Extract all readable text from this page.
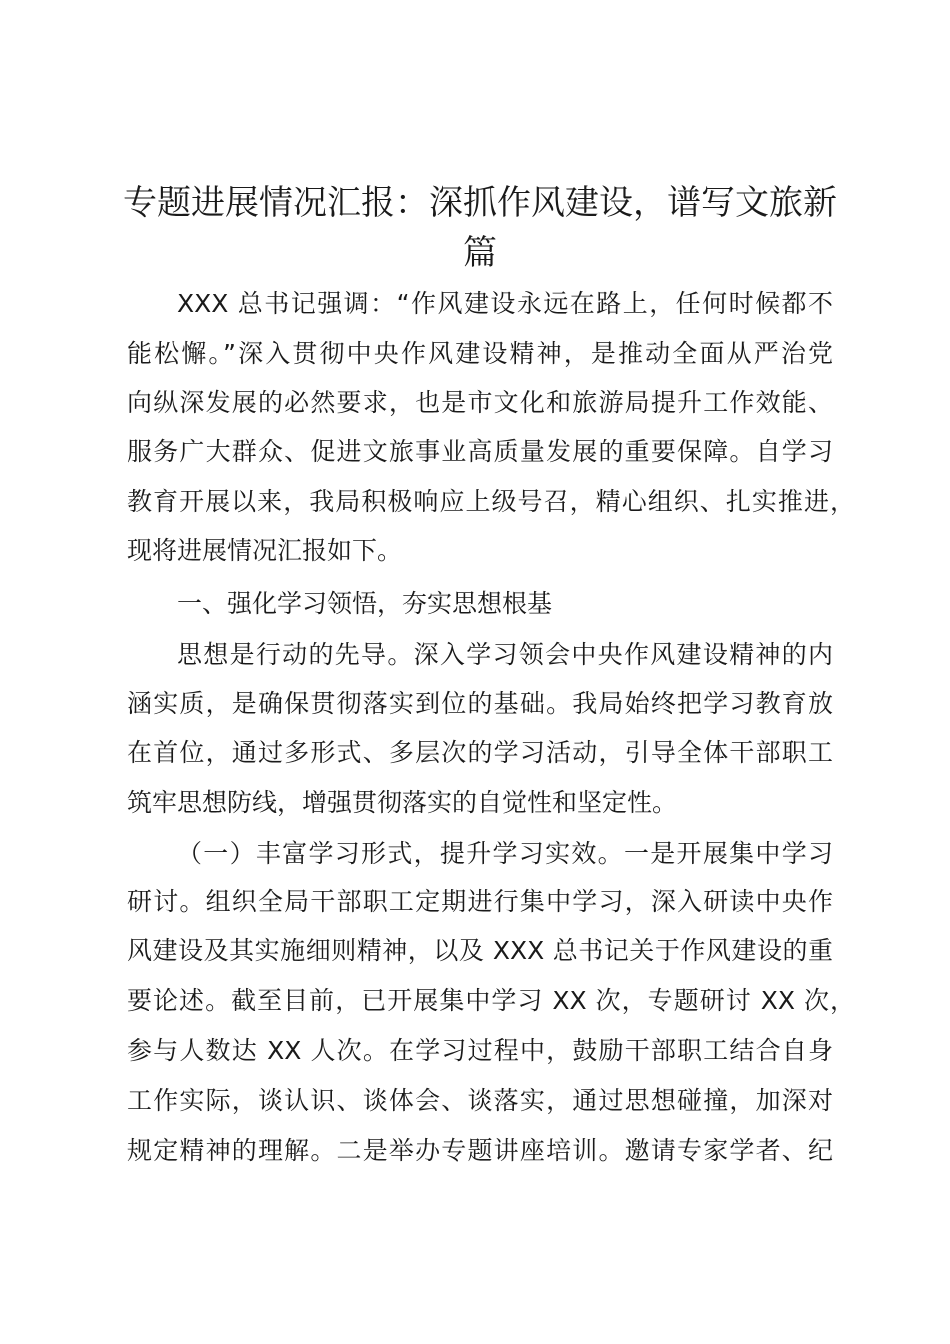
专题进展情况汇报：深抓作风建设，谱写文旅新篇
XXX 总书记强调：“作风建设永远在路上，任何时候都不
能松懈。”深入贯彻中央作风建设精神，是推动全面从严治党
向纵深发展的必然要求，也是市文化和旅游局提升工作效能、
服务广大群众、促进文旅事业高质量发展的重要保障。自学习
教育开展以来，我局积极响应上级号召，精心组织、扎实推进，
现将进展情况汇报如下。
一、强化学习领悟，夯实思想根基
思想是行动的先导。深入学习领会中央作风建设精神的内
涵实质，是确保贯彻落实到位的基础。我局始终把学习教育放
在首位，通过多形式、多层次的学习活动，引导全体干部职工
筑牢思想防线，增强贯彻落实的自觉性和坚定性。
（一）丰富学习形式，提升学习实效。一是开展集中学习
研讨。组织全局干部职工定期进行集中学习，深入研读中央作
风建设及其实施细则精神，以及 XXX 总书记关于作风建设的重
要论述。截至目前，已开展集中学习 XX 次，专题研讨 XX 次，
参与人数达 XX 人次。在学习过程中，鼓励干部职工结合自身
工作实际，谈认识、谈体会、谈落实，通过思想碰撞，加深对
规定精神的理解。二是举办专题讲座培训。邀请专家学者、纪
